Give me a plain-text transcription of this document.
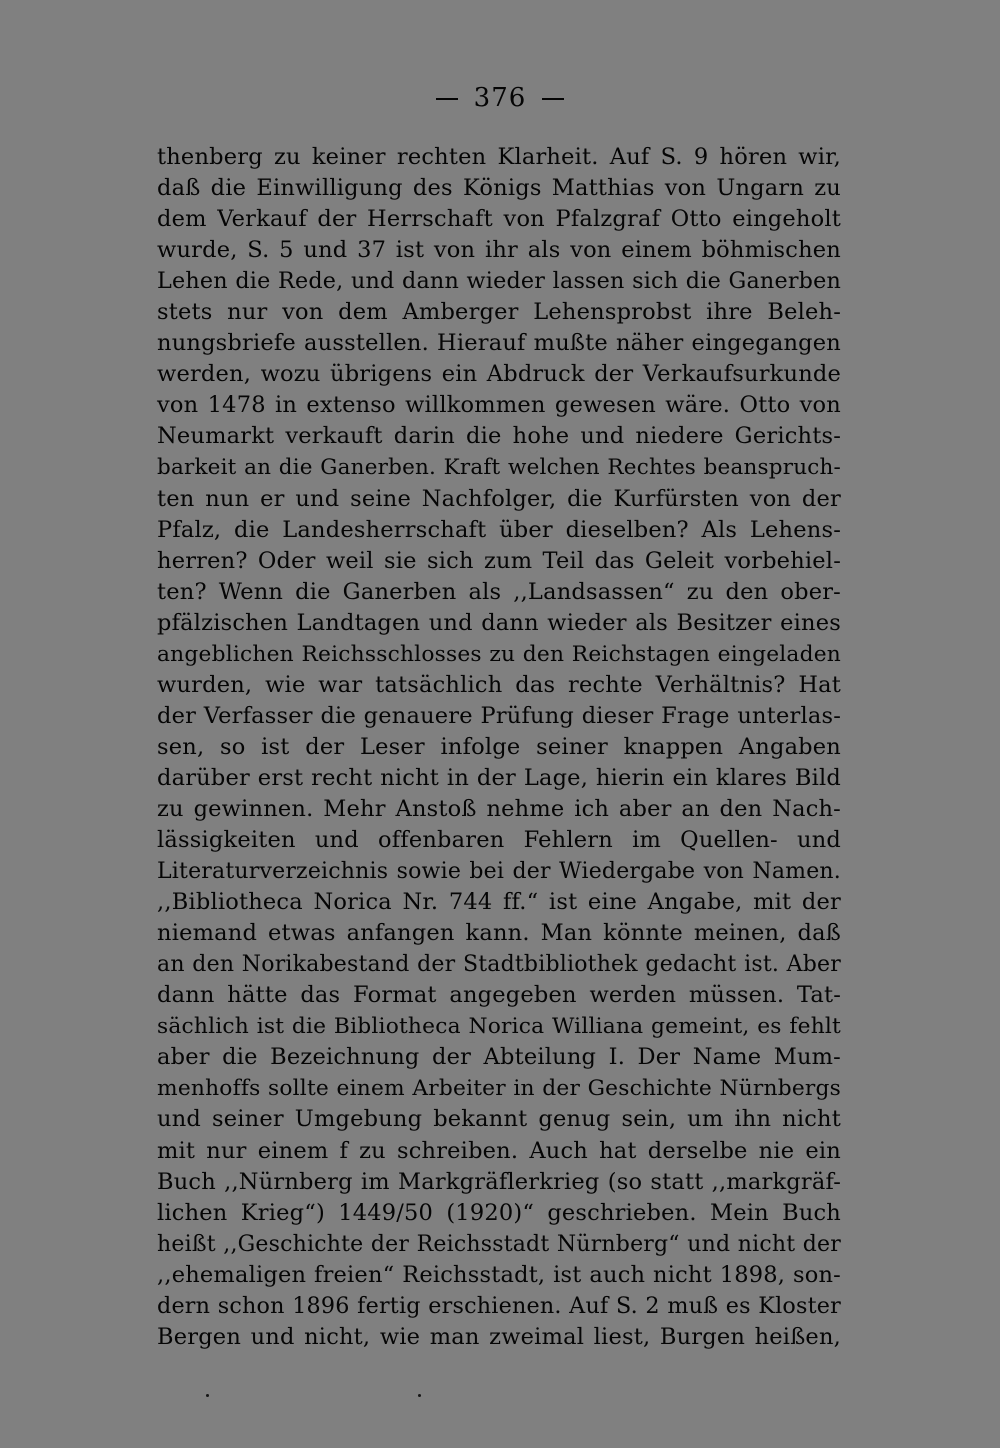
376
thenberg zu keiner rechten Klarheit. Auf S. 9 hören wir,
daß die Einwilligung des Königs Matthias von Ungarn zu
dem Verkauf der Herrschaft von Pfalzgraf Otto eingeholt
wurde, S. 5 und 37 ist von ihr als von einem böhmischen
Lehen die Rede, und dann wieder lassen sich die Ganerben
stets nur von dem Amberger Lehensprobst ihre Beleh-
nungsbriefe ausstellen. Hierauf mußte näher eingegangen
werden, wozu übrigens ein Abdruck der Verkaufsurkunde
von 1478 in extenso willkommen gewesen wäre. Otto von
Neumarkt verkauft darin die hohe und niedere Gerichts-
barkeit an die Ganerben. Kraft welchen Rechtes beanspruch-
ten nun er und seine Nachfolger, die Kurfürsten von der
Pfalz, die Landesherrschaft über dieselben? Als Lehens-
herren? Oder weil sie sich zum Teil das Geleit vorbehiel-
ten? Wenn die Ganerben als ,,Landsassen“ zu den ober-
pfälzischen Landtagen und dann wieder als Besitzer eines
angeblichen Reichsschlosses zu den Reichstagen eingeladen
wurden, wie war tatsächlich das rechte Verhältnis? Hat
der Verfasser die genauere Prüfung dieser Frage unterlas-
sen, so ist der Leser infolge seiner knappen Angaben
darüber erst recht nicht in der Lage, hierin ein klares Bild
zu gewinnen. Mehr Anstoß nehme ich aber an den Nach-
lässigkeiten und offenbaren Fehlern im Quellen- und
Literaturverzeichnis sowie bei der Wiedergabe von Namen.
,,Bibliotheca Norica Nr. 744 ff.“ ist eine Angabe, mit der
niemand etwas anfangen kann. Man könnte meinen, daß
an den Norikabestand der Stadtbibliothek gedacht ist. Aber
dann hätte das Format angegeben werden müssen. Tat-
sächlich ist die Bibliotheca Norica Williana gemeint, es fehlt
aber die Bezeichnung der Abteilung I. Der Name Mum-
menhoffs sollte einem Arbeiter in der Geschichte Nürnbergs
und seiner Umgebung bekannt genug sein, um ihn nicht
mit nur einem f zu schreiben. Auch hat derselbe nie ein
Buch ,,Nürnberg im Markgräflerkrieg (so statt ,,markgräf-
lichen Krieg“) 1449/50 (1920)“ geschrieben. Mein Buch
heißt ,,Geschichte der Reichsstadt Nürnberg“ und nicht der
,,ehemaligen freien“ Reichsstadt, ist auch nicht 1898, son-
dern schon 1896 fertig erschienen. Auf S. 2 muß es Kloster
Bergen und nicht, wie man zweimal liest, Burgen heißen,
